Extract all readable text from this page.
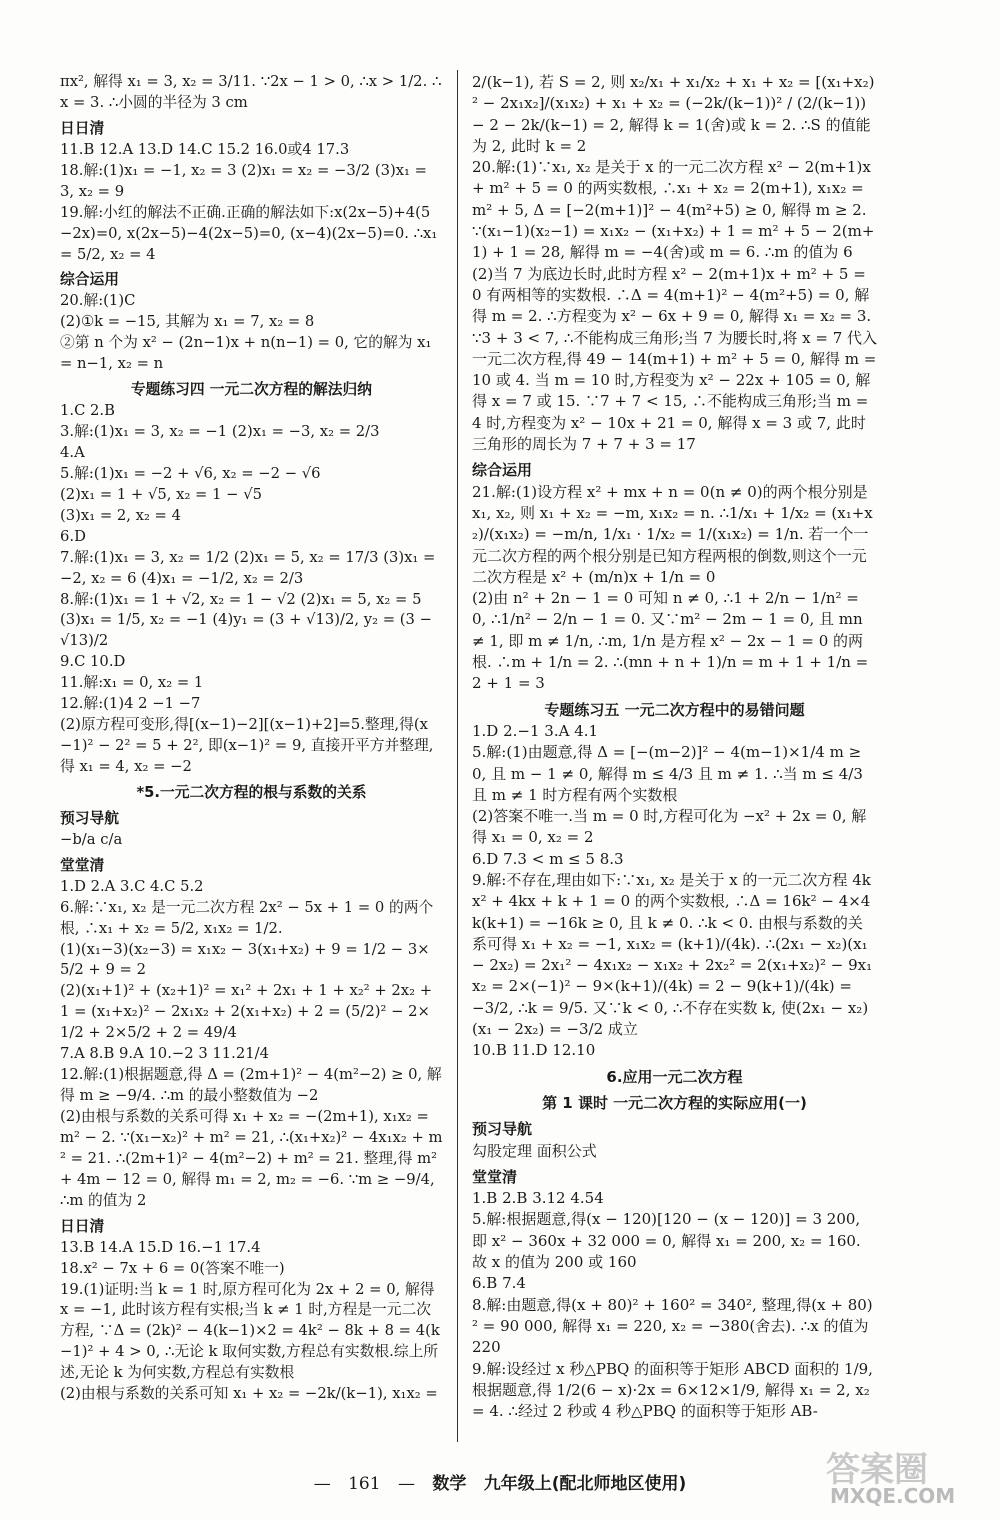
πx², 解得 x₁ = 3, x₂ = 3/11. ∵2x − 1 > 0, ∴x > 1/2. ∴x = 3. ∴小圆的半径为 3 cm

日日清

11.B 12.A 13.D 14.C 15.2 16.0或4 17.3

18.解:(1)x₁ = −1, x₂ = 3 (2)x₁ = x₂ = −3/2 (3)x₁ = 3, x₂ = 9

19.解:小红的解法不正确.正确的解法如下:x(2x−5)+4(5−2x)=0, x(2x−5)−4(2x−5)=0, (x−4)(2x−5)=0. ∴x₁ = 5/2, x₂ = 4

综合运用

20.解:(1)C

(2)①k = −15, 其解为 x₁ = 7, x₂ = 8

②第 n 个为 x² − (2n−1)x + n(n−1) = 0, 它的解为 x₁ = n−1, x₂ = n

专题练习四 一元二次方程的解法归纳

1.C 2.B

3.解:(1)x₁ = 3, x₂ = −1 (2)x₁ = −3, x₂ = 2/3

4.A

5.解:(1)x₁ = −2 + √6, x₂ = −2 − √6

(2)x₁ = 1 + √5, x₂ = 1 − √5

(3)x₁ = 2, x₂ = 4

6.D

7.解:(1)x₁ = 3, x₂ = 1/2 (2)x₁ = 5, x₂ = 17/3 (3)x₁ = −2, x₂ = 6 (4)x₁ = −1/2, x₂ = 2/3

8.解:(1)x₁ = 1 + √2, x₂ = 1 − √2 (2)x₁ = 5, x₂ = 5 (3)x₁ = 1/5, x₂ = −1 (4)y₁ = (3 + √13)/2, y₂ = (3 − √13)/2

9.C 10.D

11.解:x₁ = 0, x₂ = 1

12.解:(1)4 2 −1 −7

(2)原方程可变形,得[(x−1)−2][(x−1)+2]=5.整理,得(x−1)² − 2² = 5 + 2², 即(x−1)² = 9, 直接开平方并整理,得 x₁ = 4, x₂ = −2

*5.一元二次方程的根与系数的关系

预习导航

−b/a c/a

堂堂清

1.D 2.A 3.C 4.C 5.2

6.解:∵x₁, x₂ 是一元二次方程 2x² − 5x + 1 = 0 的两个根, ∴x₁ + x₂ = 5/2, x₁x₂ = 1/2.

(1)(x₁−3)(x₂−3) = x₁x₂ − 3(x₁+x₂) + 9 = 1/2 − 3×5/2 + 9 = 2

(2)(x₁+1)² + (x₂+1)² = x₁² + 2x₁ + 1 + x₂² + 2x₂ + 1 = (x₁+x₂)² − 2x₁x₂ + 2(x₁+x₂) + 2 = (5/2)² − 2×1/2 + 2×5/2 + 2 = 49/4

7.A 8.B 9.A 10.−2 3 11.21/4

12.解:(1)根据题意,得 Δ = (2m+1)² − 4(m²−2) ≥ 0, 解得 m ≥ −9/4. ∴m 的最小整数值为 −2

(2)由根与系数的关系可得 x₁ + x₂ = −(2m+1), x₁x₂ = m² − 2. ∵(x₁−x₂)² + m² = 21, ∴(x₁+x₂)² − 4x₁x₂ + m² = 21. ∴(2m+1)² − 4(m²−2) + m² = 21. 整理,得 m² + 4m − 12 = 0, 解得 m₁ = 2, m₂ = −6. ∵m ≥ −9/4, ∴m 的值为 2

日日清

13.B 14.A 15.D 16.−1 17.4

18.x² − 7x + 6 = 0(答案不唯一)

19.(1)证明:当 k = 1 时,原方程可化为 2x + 2 = 0, 解得 x = −1, 此时该方程有实根;当 k ≠ 1 时,方程是一元二次方程, ∵Δ = (2k)² − 4(k−1)×2 = 4k² − 8k + 8 = 4(k−1)² + 4 > 0, ∴无论 k 取何实数,方程总有实数根.综上所述,无论 k 为何实数,方程总有实数根

(2)由根与系数的关系可知 x₁ + x₂ = −2k/(k−1), x₁x₂ =

2/(k−1), 若 S = 2, 则 x₂/x₁ + x₁/x₂ + x₁ + x₂ = [(x₁+x₂)² − 2x₁x₂]/(x₁x₂) + x₁ + x₂ = (−2k/(k−1))² / (2/(k−1)) − 2 − 2k/(k−1) = 2, 解得 k = 1(舍)或 k = 2. ∴S 的值能为 2, 此时 k = 2

20.解:(1)∵x₁, x₂ 是关于 x 的一元二次方程 x² − 2(m+1)x + m² + 5 = 0 的两实数根, ∴x₁ + x₂ = 2(m+1), x₁x₂ = m² + 5, Δ = [−2(m+1)]² − 4(m²+5) ≥ 0, 解得 m ≥ 2. ∵(x₁−1)(x₂−1) = x₁x₂ − (x₁+x₂) + 1 = m² + 5 − 2(m+1) + 1 = 28, 解得 m = −4(舍)或 m = 6. ∴m 的值为 6

(2)当 7 为底边长时,此时方程 x² − 2(m+1)x + m² + 5 = 0 有两相等的实数根. ∴Δ = 4(m+1)² − 4(m²+5) = 0, 解得 m = 2. ∴方程变为 x² − 6x + 9 = 0, 解得 x₁ = x₂ = 3. ∵3 + 3 < 7, ∴不能构成三角形;当 7 为腰长时,将 x = 7 代入一元二次方程,得 49 − 14(m+1) + m² + 5 = 0, 解得 m = 10 或 4. 当 m = 10 时,方程变为 x² − 22x + 105 = 0, 解得 x = 7 或 15. ∵7 + 7 < 15, ∴不能构成三角形;当 m = 4 时,方程变为 x² − 10x + 21 = 0, 解得 x = 3 或 7, 此时三角形的周长为 7 + 7 + 3 = 17

综合运用

21.解:(1)设方程 x² + mx + n = 0(n ≠ 0)的两个根分别是 x₁, x₂, 则 x₁ + x₂ = −m, x₁x₂ = n. ∴1/x₁ + 1/x₂ = (x₁+x₂)/(x₁x₂) = −m/n, 1/x₁ · 1/x₂ = 1/(x₁x₂) = 1/n. 若一个一元二次方程的两个根分别是已知方程两根的倒数,则这个一元二次方程是 x² + (m/n)x + 1/n = 0

(2)由 n² + 2n − 1 = 0 可知 n ≠ 0, ∴1 + 2/n − 1/n² = 0, ∴1/n² − 2/n − 1 = 0. 又∵m² − 2m − 1 = 0, 且 mn ≠ 1, 即 m ≠ 1/n, ∴m, 1/n 是方程 x² − 2x − 1 = 0 的两根. ∴m + 1/n = 2. ∴(mn + n + 1)/n = m + 1 + 1/n = 2 + 1 = 3

专题练习五 一元二次方程中的易错问题

1.D 2.−1 3.A 4.1

5.解:(1)由题意,得 Δ = [−(m−2)]² − 4(m−1)×1/4 m ≥ 0, 且 m − 1 ≠ 0, 解得 m ≤ 4/3 且 m ≠ 1. ∴当 m ≤ 4/3 且 m ≠ 1 时方程有两个实数根

(2)答案不唯一.当 m = 0 时,方程可化为 −x² + 2x = 0, 解得 x₁ = 0, x₂ = 2

6.D 7.3 < m ≤ 5 8.3

9.解:不存在,理由如下:∵x₁, x₂ 是关于 x 的一元二次方程 4kx² + 4kx + k + 1 = 0 的两个实数根, ∴Δ = 16k² − 4×4k(k+1) = −16k ≥ 0, 且 k ≠ 0. ∴k < 0. 由根与系数的关系可得 x₁ + x₂ = −1, x₁x₂ = (k+1)/(4k). ∴(2x₁ − x₂)(x₁ − 2x₂) = 2x₁² − 4x₁x₂ − x₁x₂ + 2x₂² = 2(x₁+x₂)² − 9x₁x₂ = 2×(−1)² − 9×(k+1)/(4k) = 2 − 9(k+1)/(4k) = −3/2, ∴k = 9/5. 又∵k < 0, ∴不存在实数 k, 使(2x₁ − x₂)(x₁ − 2x₂) = −3/2 成立

10.B 11.D 12.10

6.应用一元二次方程

第 1 课时 一元二次方程的实际应用(一)

预习导航

勾股定理 面积公式

堂堂清

1.B 2.B 3.12 4.54

5.解:根据题意,得(x − 120)[120 − (x − 120)] = 3 200, 即 x² − 360x + 32 000 = 0, 解得 x₁ = 200, x₂ = 160. 故 x 的值为 200 或 160

6.B 7.4

8.解:由题意,得(x + 80)² + 160² = 340², 整理,得(x + 80)² = 90 000, 解得 x₁ = 220, x₂ = −380(舍去). ∴x 的值为 220

9.解:设经过 x 秒△PBQ 的面积等于矩形 ABCD 面积的 1/9, 根据题意,得 1/2(6 − x)·2x = 6×12×1/9, 解得 x₁ = 2, x₂ = 4. ∴经过 2 秒或 4 秒△PBQ 的面积等于矩形 AB-

— 161 — 数学 九年级上(配北师地区使用)	答案圈
MXQE.COM
